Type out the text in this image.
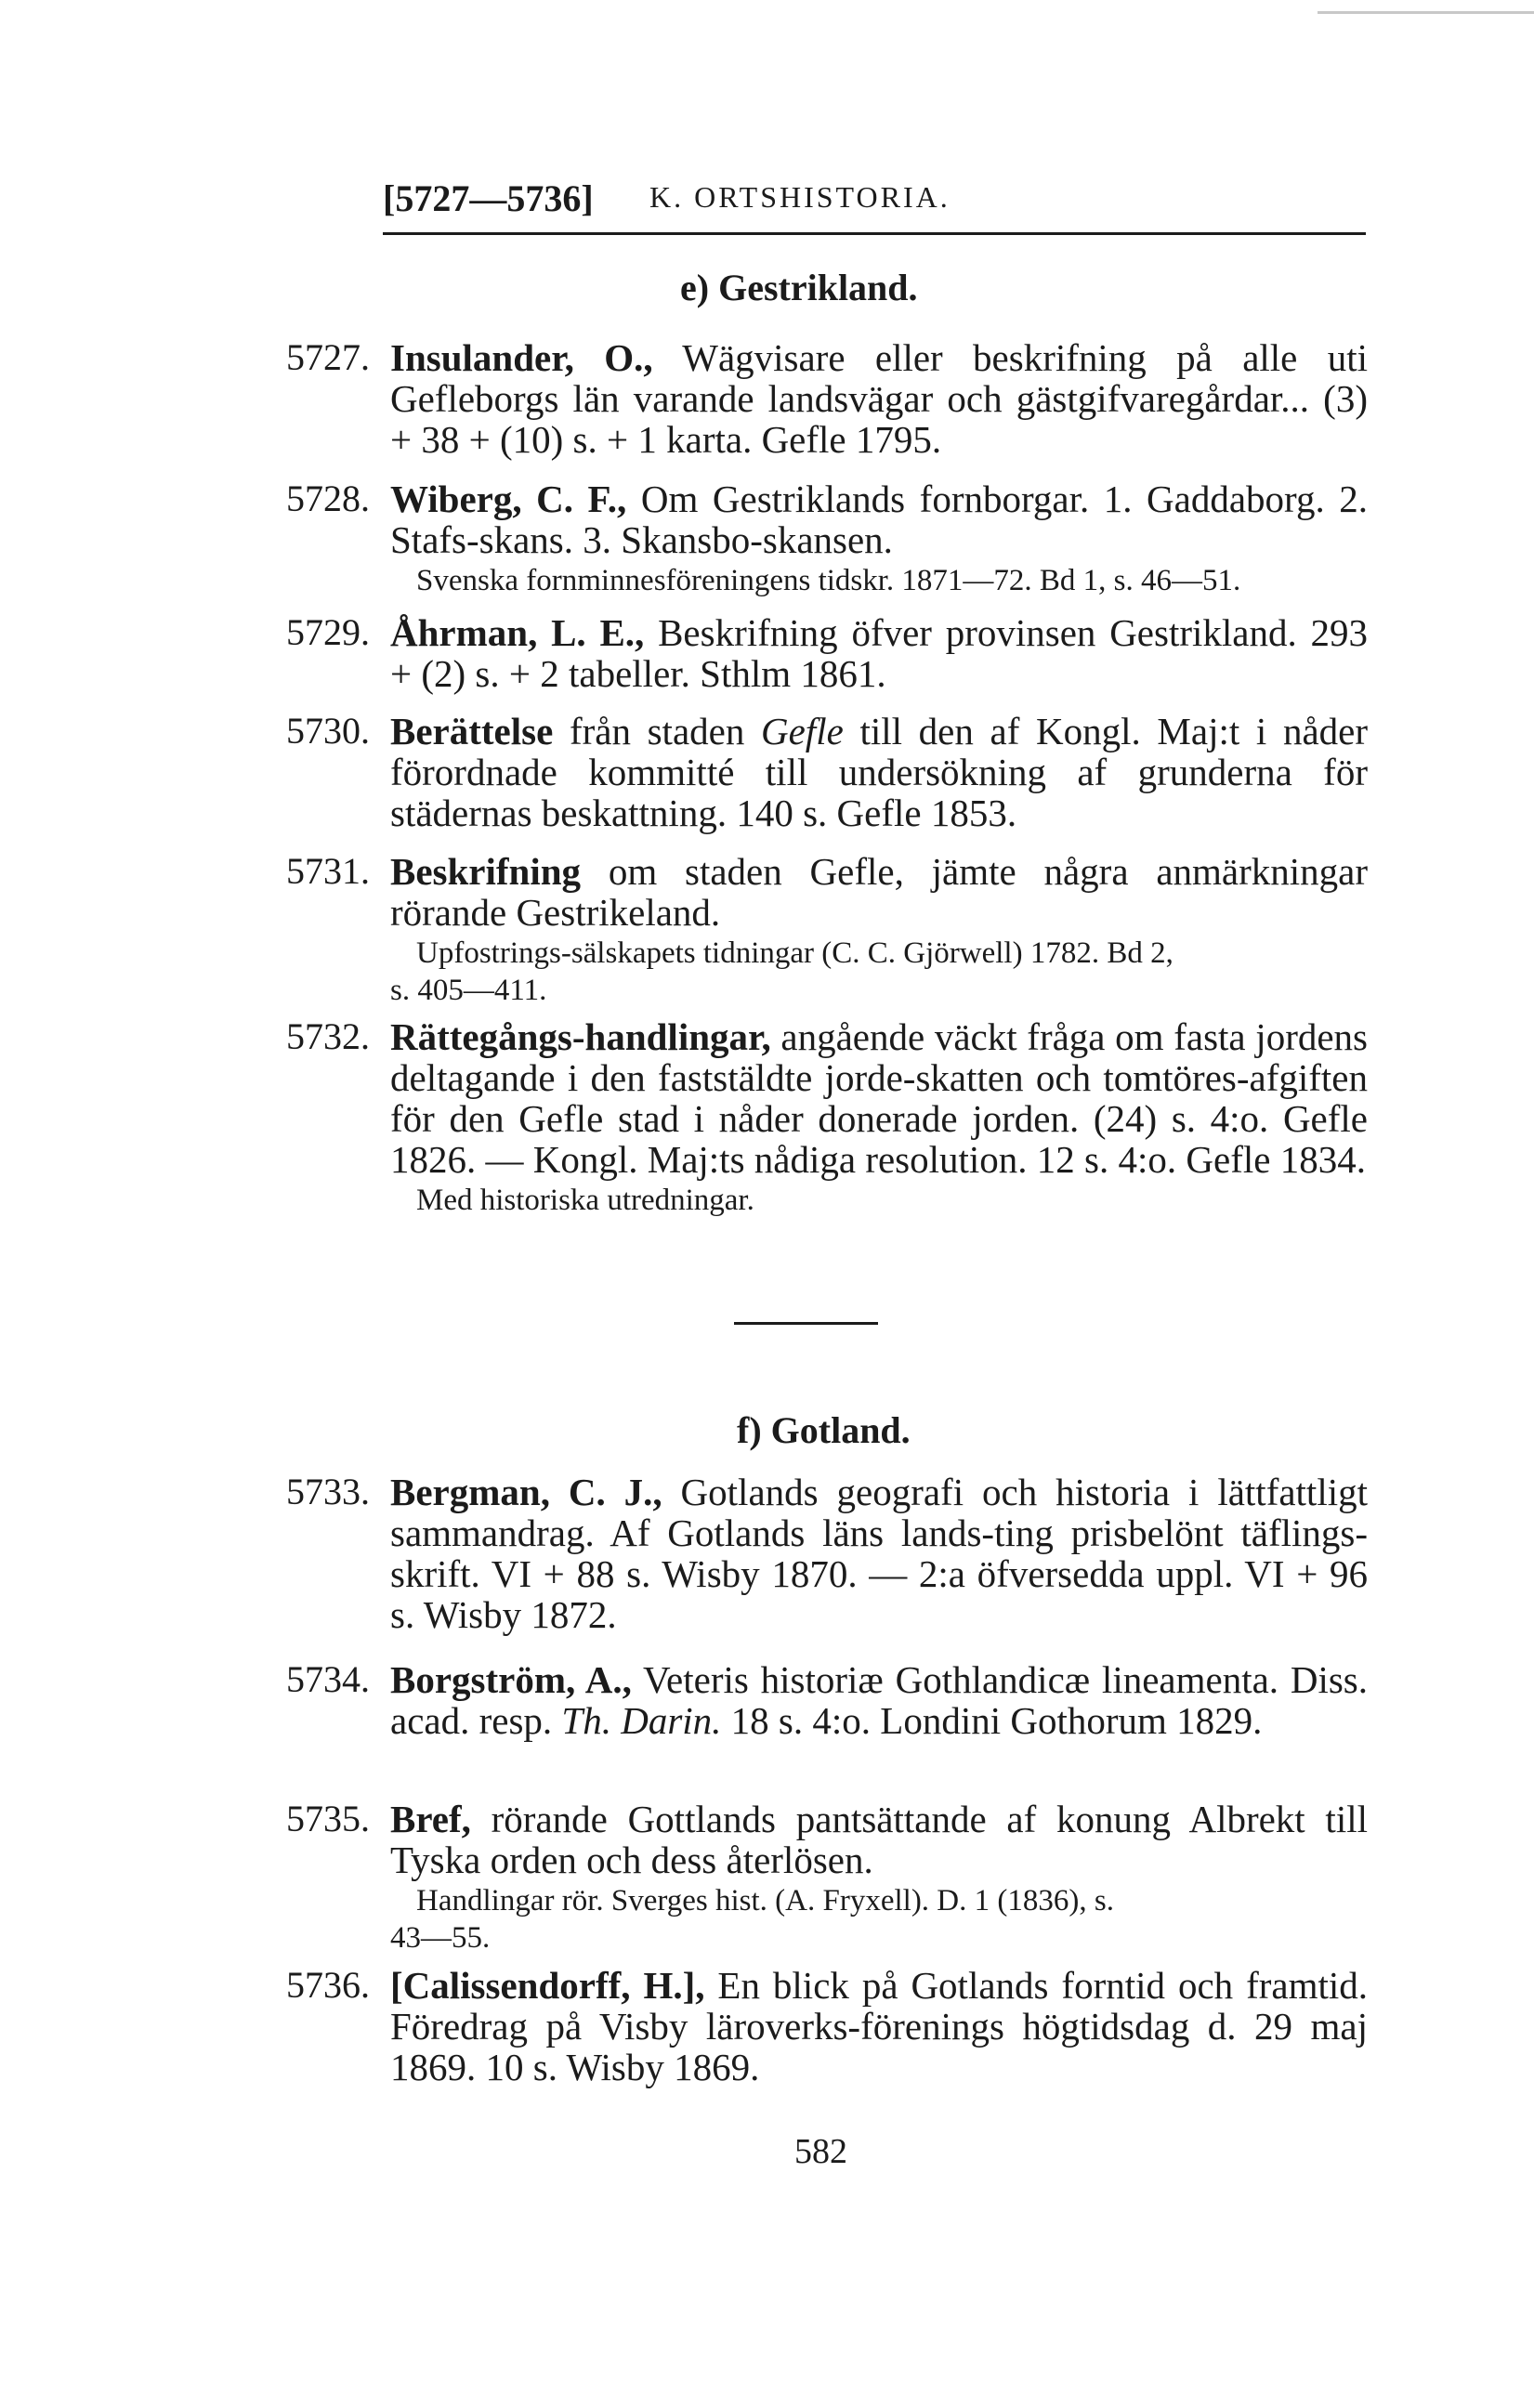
[5727—5736] K. ORTSHISTORIA.
e) Gestrikland.
5727. Insulander, O., Wägvisare eller beskrifning på alle uti Gefleborgs län varande landsvägar och gästgifvaregårdar... (3) + 38 + (10) s. + 1 karta. Gefle 1795.
5728. Wiberg, C. F., Om Gestriklands fornborgar. 1. Gaddaborg. 2. Stafs-skans. 3. Skansbo-skansen.
Svenska fornminnesföreningens tidskr. 1871—72. Bd 1, s. 46—51.
5729. Åhrman, L. E., Beskrifning öfver provinsen Gestrikland. 293 + (2) s. + 2 tabeller. Sthlm 1861.
5730. Berättelse från staden Gefle till den af Kongl. Maj:t i nåder förordnade kommitté till undersökning af grunderna för städernas beskattning. 140 s. Gefle 1853.
5731. Beskrifning om staden Gefle, jämte några anmärkningar rörande Gestrikeland.
Upfostrings-sälskapets tidningar (C. C. Gjörwell) 1782. Bd 2,
s. 405—411.
5732. Rättegångs-handlingar, angående väckt fråga om fasta jordens deltagande i den faststäldte jorde-skatten och tomtöres-afgiften för den Gefle stad i nåder donerade jorden. (24) s. 4:o. Gefle 1826. — Kongl. Maj:ts nådiga resolution. 12 s. 4:o. Gefle 1834.
Med historiska utredningar.
f) Gotland.
5733. Bergman, C. J., Gotlands geografi och historia i lättfattligt sammandrag. Af Gotlands läns lands-ting prisbelönt täflings-skrift. VI + 88 s. Wisby 1870. — 2:a öfversedda uppl. VI + 96 s. Wisby 1872.
5734. Borgström, A., Veteris historiæ Gothlandicæ lineamenta. Diss. acad. resp. Th. Darin. 18 s. 4:o. Londini Gothorum 1829.
5735. Bref, rörande Gottlands pantsättande af konung Albrekt till Tyska orden och dess återlösen.
Handlingar rör. Sverges hist. (A. Fryxell). D. 1 (1836), s.
43—55.
5736. [Calissendorff, H.], En blick på Gotlands forntid och framtid. Föredrag på Visby läroverks-förenings högtidsdag d. 29 maj 1869. 10 s. Wisby 1869.
582
